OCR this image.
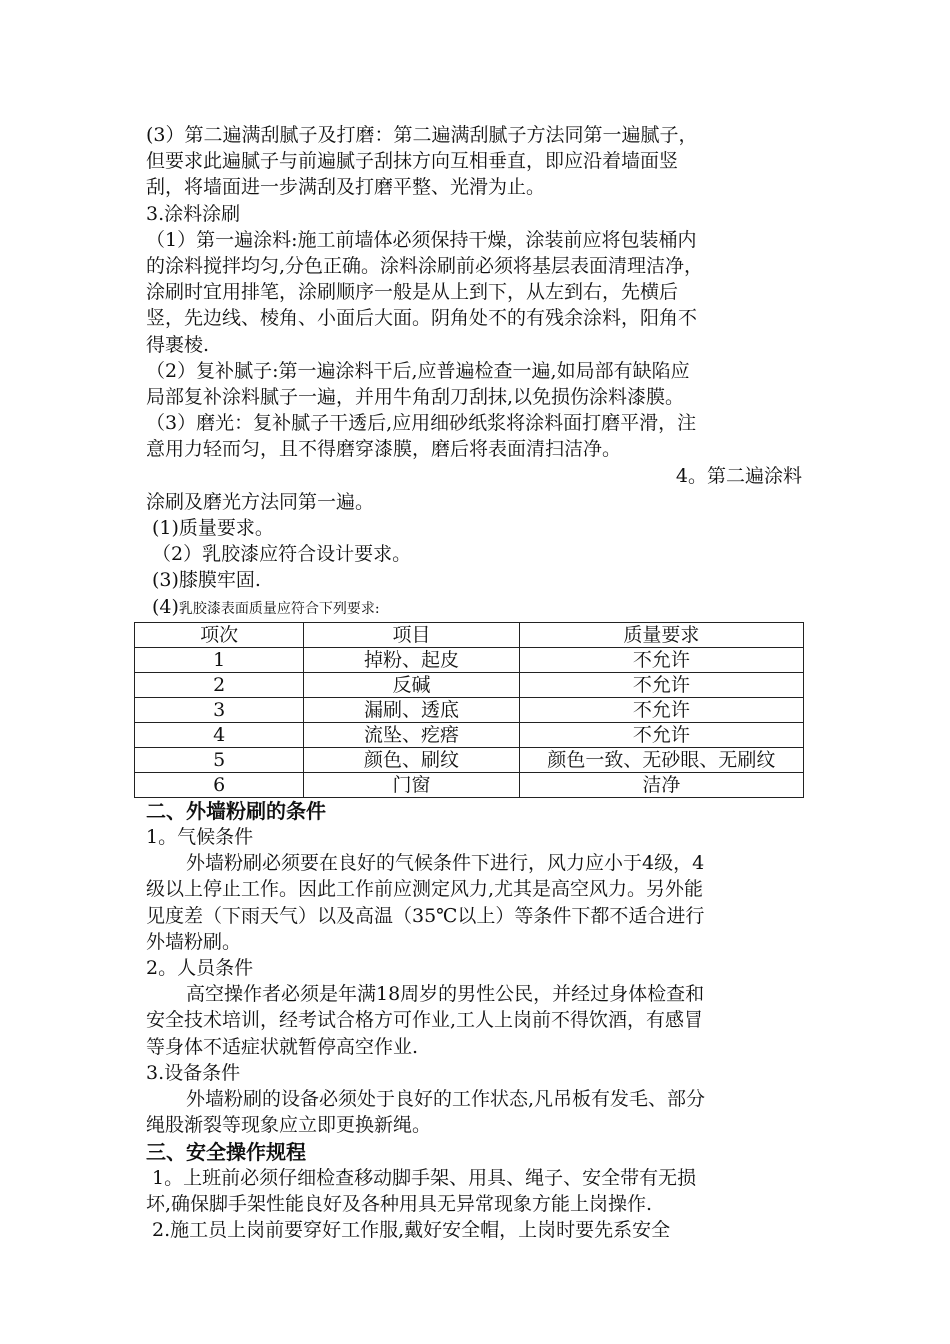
(3）第二遍满刮腻子及打磨：第二遍满刮腻子方法同第一遍腻子，

但要求此遍腻子与前遍腻子刮抹方向互相垂直，即应沿着墙面竖

刮，将墙面进一步满刮及打磨平整、光滑为止。

3.涂料涂刷

（1）第一遍涂料:施工前墙体必须保持干燥，涂装前应将包装桶内

的涂料搅拌均匀,分色正确。涂料涂刷前必须将基层表面清理洁净，

涂刷时宜用排笔，涂刷顺序一般是从上到下，从左到右，先横后

竖，先边线、棱角、小面后大面。阴角处不的有残余涂料，阳角不

得裹棱.

（2）复补腻子:第一遍涂料干后,应普遍检查一遍,如局部有缺陷应

局部复补涂料腻子一遍，并用牛角刮刀刮抹,以免损伤涂料漆膜。

（3）磨光：复补腻子干透后,应用细砂纸浆将涂料面打磨平滑，注

意用力轻而匀，且不得磨穿漆膜，磨后将表面清扫洁净。

4。第二遍涂料

涂刷及磨光方法同第一遍。

(1)质量要求。

（2）乳胶漆应符合设计要求。

(3)膝膜牢固.

(4)乳胶漆表面质量应符合下列要求:

项次	项目	质量要求
1	掉粉、起皮	不允许
2	反碱	不允许
3	漏刷、透底	不允许
4	流坠、疙瘩	不允许
5	颜色、刷纹	颜色一致、无砂眼、无刷纹
6	门窗	洁净
二、外墙粉刷的条件

1。气候条件

外墙粉刷必须要在良好的气候条件下进行，风力应小于4级，4

级以上停止工作。因此工作前应测定风力,尤其是高空风力。另外能

见度差（下雨天气）以及高温（35℃以上）等条件下都不适合进行

外墙粉刷。

2。人员条件

高空操作者必须是年满18周岁的男性公民，并经过身体检查和

安全技术培训，经考试合格方可作业,工人上岗前不得饮酒，有感冒

等身体不适症状就暂停高空作业.

3.设备条件

外墙粉刷的设备必须处于良好的工作状态,凡吊板有发毛、部分

绳股渐裂等现象应立即更换新绳。

三、安全操作规程

1。上班前必须仔细检查移动脚手架、用具、绳子、安全带有无损

坏,确保脚手架性能良好及各种用具无异常现象方能上岗操作.

2.施工员上岗前要穿好工作服,戴好安全帽，上岗时要先系安全
